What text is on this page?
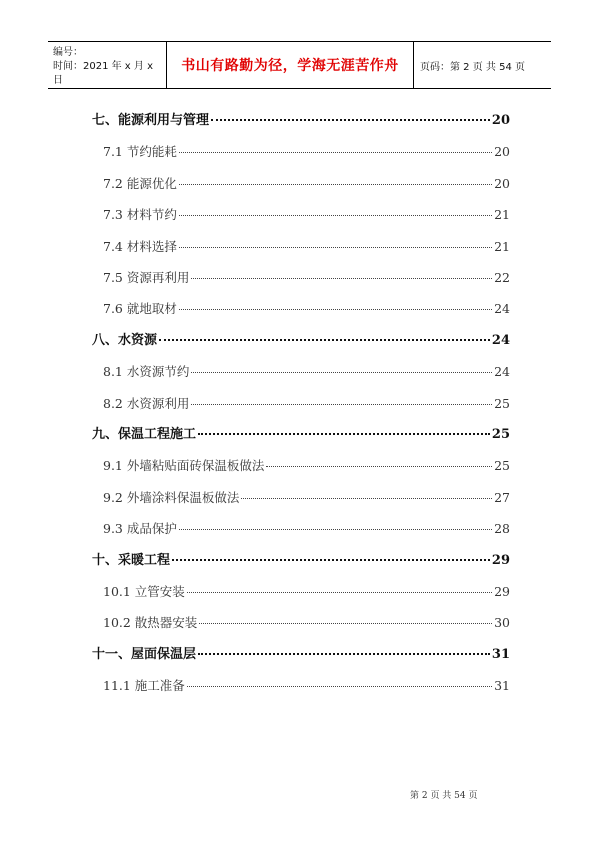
编号：
时间：2021 年 x 月 x 日
书山有路勤为径，学海无涯苦作舟	页码：第 2 页 共 54 页
七、能源利用与管理	20
7.1 节约能耗	20
7.2 能源优化	20
7.3 材料节约	21
7.4 材料选择	21
7.5 资源再利用	22
7.6 就地取材	24
八、水资源	24
8.1 水资源节约	24
8.2 水资源利用	25
九、保温工程施工	25
9.1 外墙粘贴面砖保温板做法	25
9.2 外墙涂料保温板做法	27
9.3 成品保护	28
十、采暖工程	29
10.1 立管安装	29
10.2 散热器安装	30
十一、屋面保温层	31
11.1 施工准备	31
第 2 页 共 54 页
